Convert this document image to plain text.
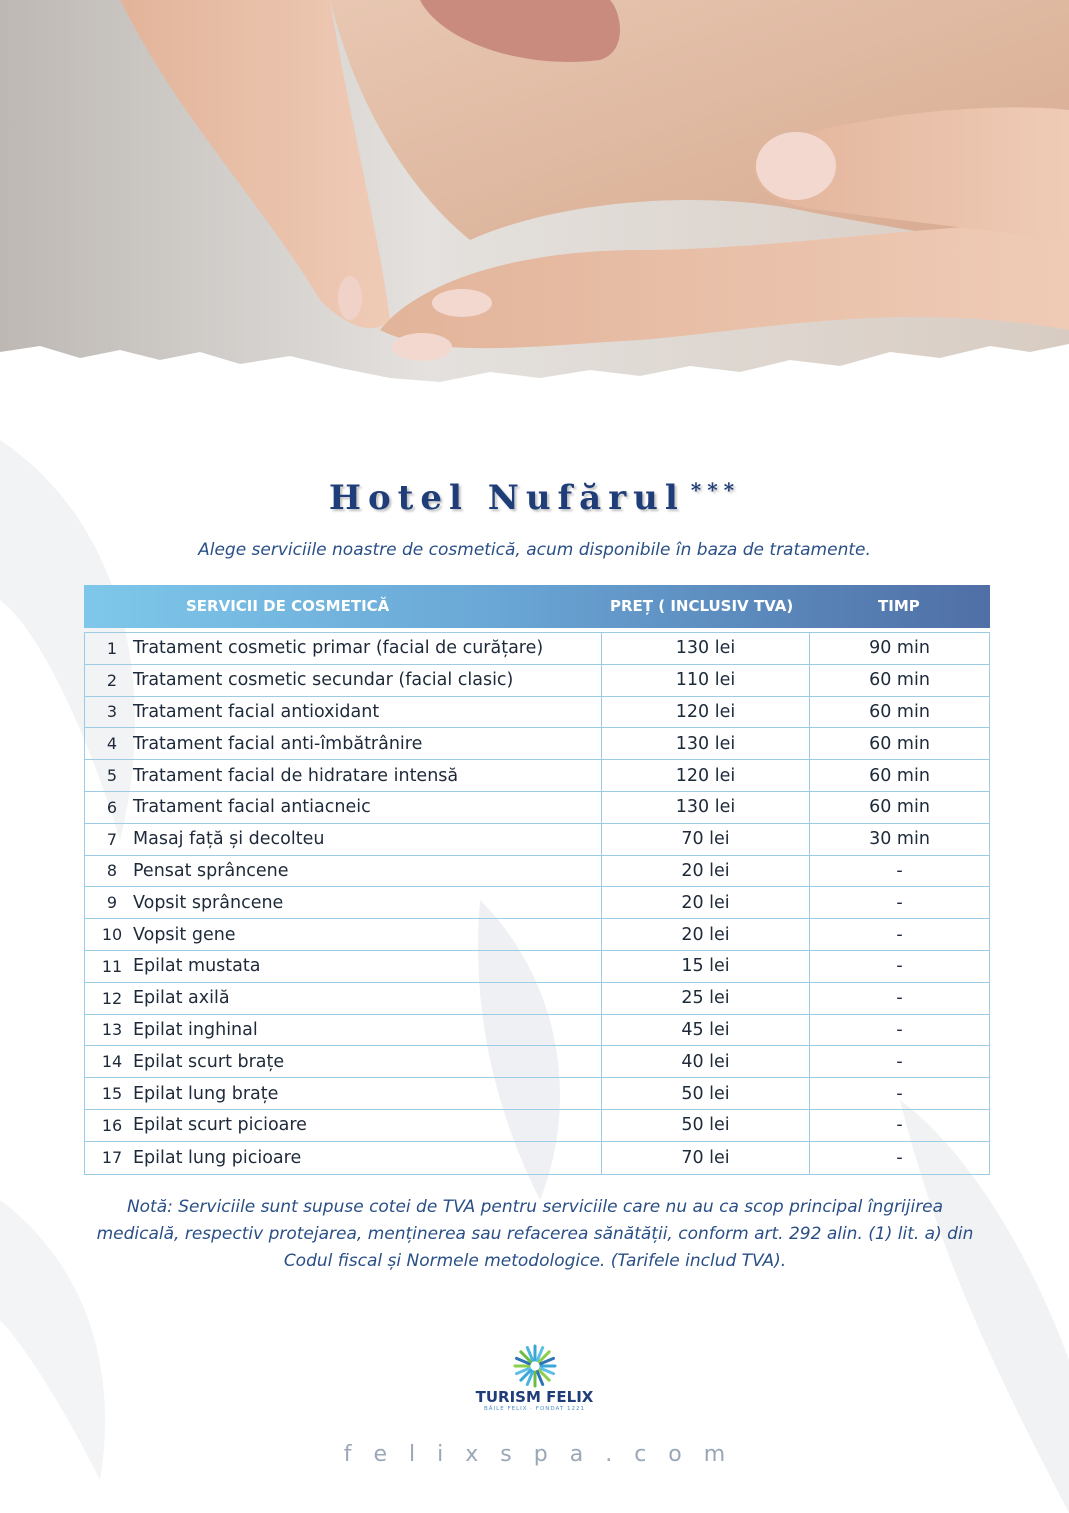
Hotel Nufărul ***
Alege serviciile noastre de cosmetică, acum disponibile în baza de tratamente.
SERVICII DE COSMETICĂ	PREȚ ( INCLUSIV TVA)	TIMP
1 Tratament cosmetic primar (facial de curățare)	130 lei	90 min
2 Tratament cosmetic secundar (facial clasic)	110 lei	60 min
3 Tratament facial antioxidant	120 lei	60 min
4 Tratament facial anti-îmbătrânire	130 lei	60 min
5 Tratament facial de hidratare intensă	120 lei	60 min
6 Tratament facial antiacneic	130 lei	60 min
7 Masaj față și decolteu	70 lei	30 min
8 Pensat sprâncene	20 lei	-
9 Vopsit sprâncene	20 lei	-
10 Vopsit gene	20 lei	-
11 Epilat mustata	15 lei	-
12 Epilat axilă	25 lei	-
13 Epilat inghinal	45 lei	-
14 Epilat scurt brațe	40 lei	-
15 Epilat lung brațe	50 lei	-
16 Epilat scurt picioare	50 lei	-
17 Epilat lung picioare	70 lei	-
Notă: Serviciile sunt supuse cotei de TVA pentru serviciile care nu au ca scop principal îngrijirea medicală, respectiv protejarea, menținerea sau refacerea sănătății, conform art. 292 alin. (1) lit. a) din Codul fiscal și Normele metodologice. (Tarifele includ TVA).
TURISM FELIX
BĂILE FELIX · FONDAT 1221
felixspa.com
